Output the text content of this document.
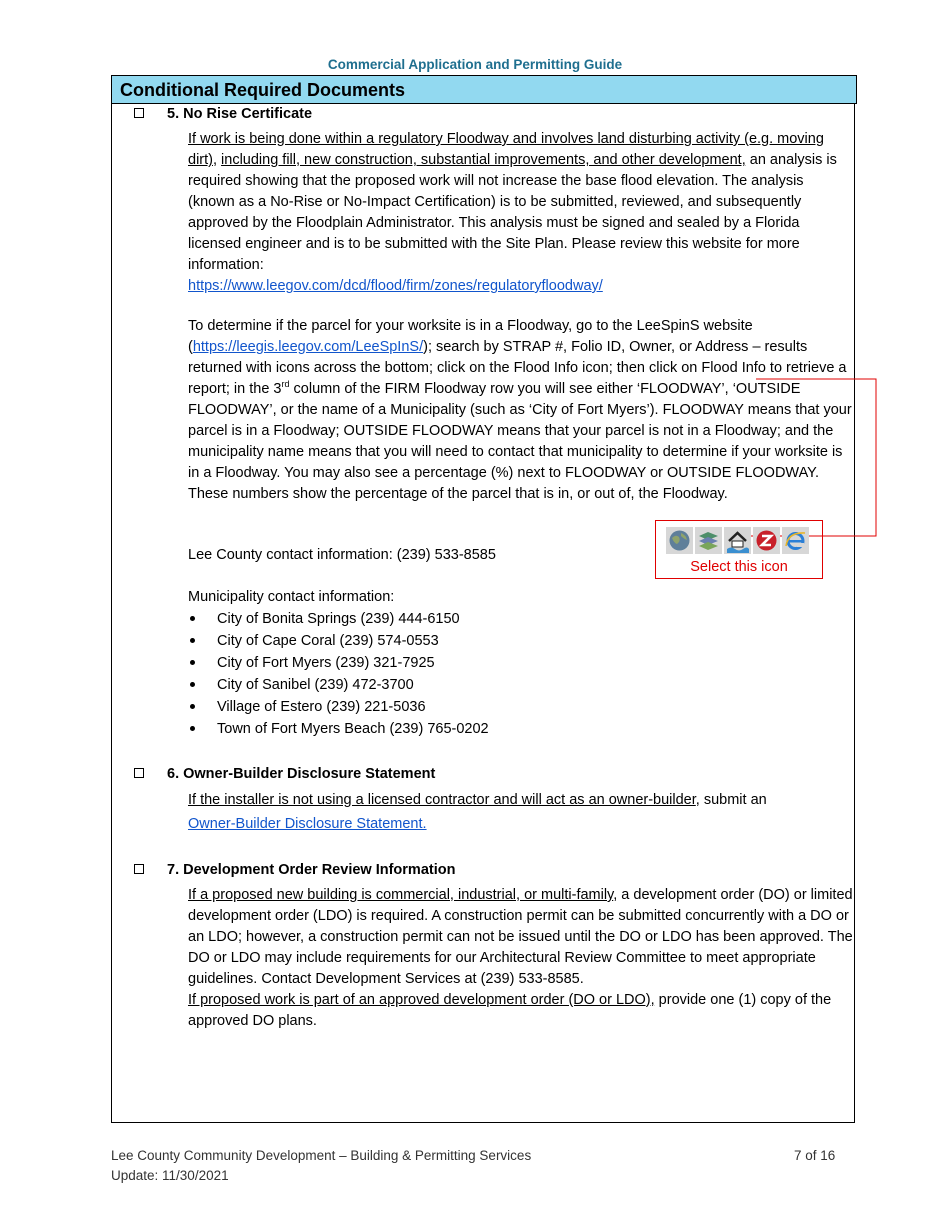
Commercial Application and Permitting Guide
Conditional Required Documents
5. No Rise Certificate

If work is being done within a regulatory Floodway and involves land disturbing activity (e.g. moving dirt), including fill, new construction, substantial improvements, and other development, an analysis is required showing that the proposed work will not increase the base flood elevation. The analysis (known as a No-Rise or No-Impact Certification) is to be submitted, reviewed, and subsequently approved by the Floodplain Administrator. This analysis must be signed and sealed by a Florida licensed engineer and is to be submitted with the Site Plan. Please review this website for more information:
https://www.leegov.com/dcd/flood/firm/zones/regulatoryfloodway/

To determine if the parcel for your worksite is in a Floodway, go to the LeeSpinS website (https://leegis.leegov.com/LeeSpInS/); search by STRAP #, Folio ID, Owner, or Address – results returned with icons across the bottom; click on the Flood Info icon; then click on Flood Info to retrieve a report; in the 3rd column of the FIRM Floodway row you will see either ‘FLOODWAY’, ‘OUTSIDE FLOODWAY’, or the name of a Municipality (such as ‘City of Fort Myers’). FLOODWAY means that your parcel is in a Floodway; OUTSIDE FLOODWAY means that your parcel is not in a Floodway; and the municipality name means that you will need to contact that municipality to determine if your worksite is in a Floodway. You may also see a percentage (%) next to FLOODWAY or OUTSIDE FLOODWAY. These numbers show the percentage of the parcel that is in, or out of, the Floodway.

Lee County contact information: (239) 533-8585

Municipality contact information:

City of Bonita Springs (239) 444-6150
City of Cape Coral (239) 574-0553
City of Fort Myers (239) 321-7925
City of Sanibel (239) 472-3700
Village of Estero (239) 221-5036
Town of Fort Myers Beach (239) 765-0202
Select this icon
6. Owner-Builder Disclosure Statement

If the installer is not using a licensed contractor and will act as an owner-builder, submit an
Owner-Builder Disclosure Statement.

7. Development Order Review Information

If a proposed new building is commercial, industrial, or multi-family, a development order (DO) or limited development order (LDO) is required. A construction permit can be submitted concurrently with a DO or an LDO; however, a construction permit can not be issued until the DO or LDO has been approved. The DO or LDO may include requirements for our Architectural Review Committee to meet appropriate guidelines. Contact Development Services at (239) 533-8585.
If proposed work is part of an approved development order (DO or LDO), provide one (1) copy of the approved DO plans.

Lee County Community Development – Building & Permitting Services
Update: 11/30/2021
7 of 16
